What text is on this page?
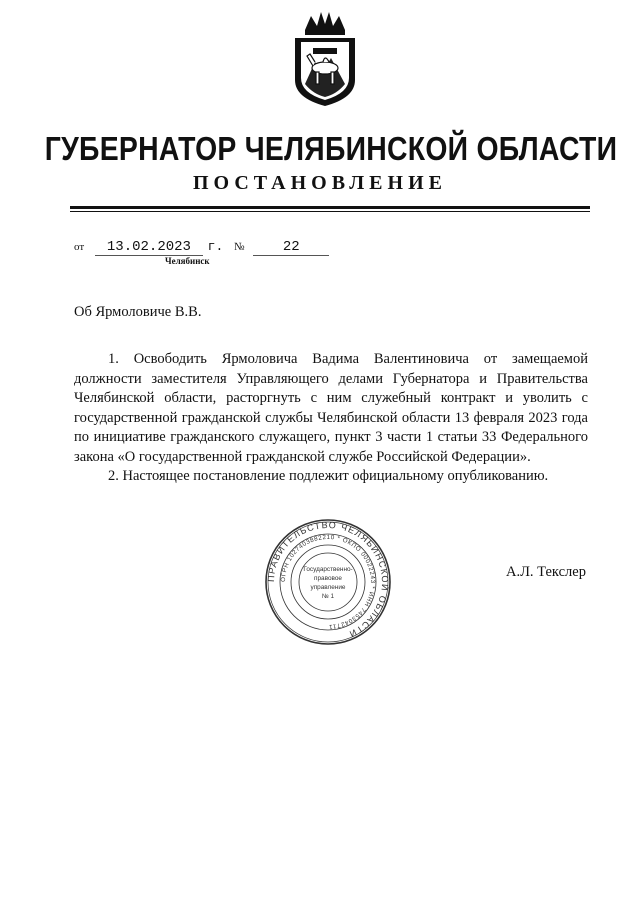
ГУБЕРНАТОР ЧЕЛЯБИНСКОЙ ОБЛАСТИ
ПОСТАНОВЛЕНИЕ
от 13.02.2023 г. №	22
Челябинск
Об Ярмоловиче В.В.

1. Освободить Ярмоловича Вадима Валентиновича от замещаемой должности заместителя Управляющего делами Губернатора и Правительства Челябинской области, расторгнуть с ним служебный контракт и уволить с государственной гражданской службы Челябинской области 13 февраля 2023 года по инициативе гражданского служащего, пункт 3 части 1 статьи 33 Федерального закона «О государственной гражданской службе Российской Федерации».

2. Настоящее постановление подлежит официальному опубликованию.

ПРАВИТЕЛЬСТВО ЧЕЛЯБИНСКОЙ ОБЛАСТИ
ОГРН 1027403882210 * ОКПО 00022243 * ИНН 7453042711
Государственно-
правовое
управление
№ 1
А.Л. Текслер
